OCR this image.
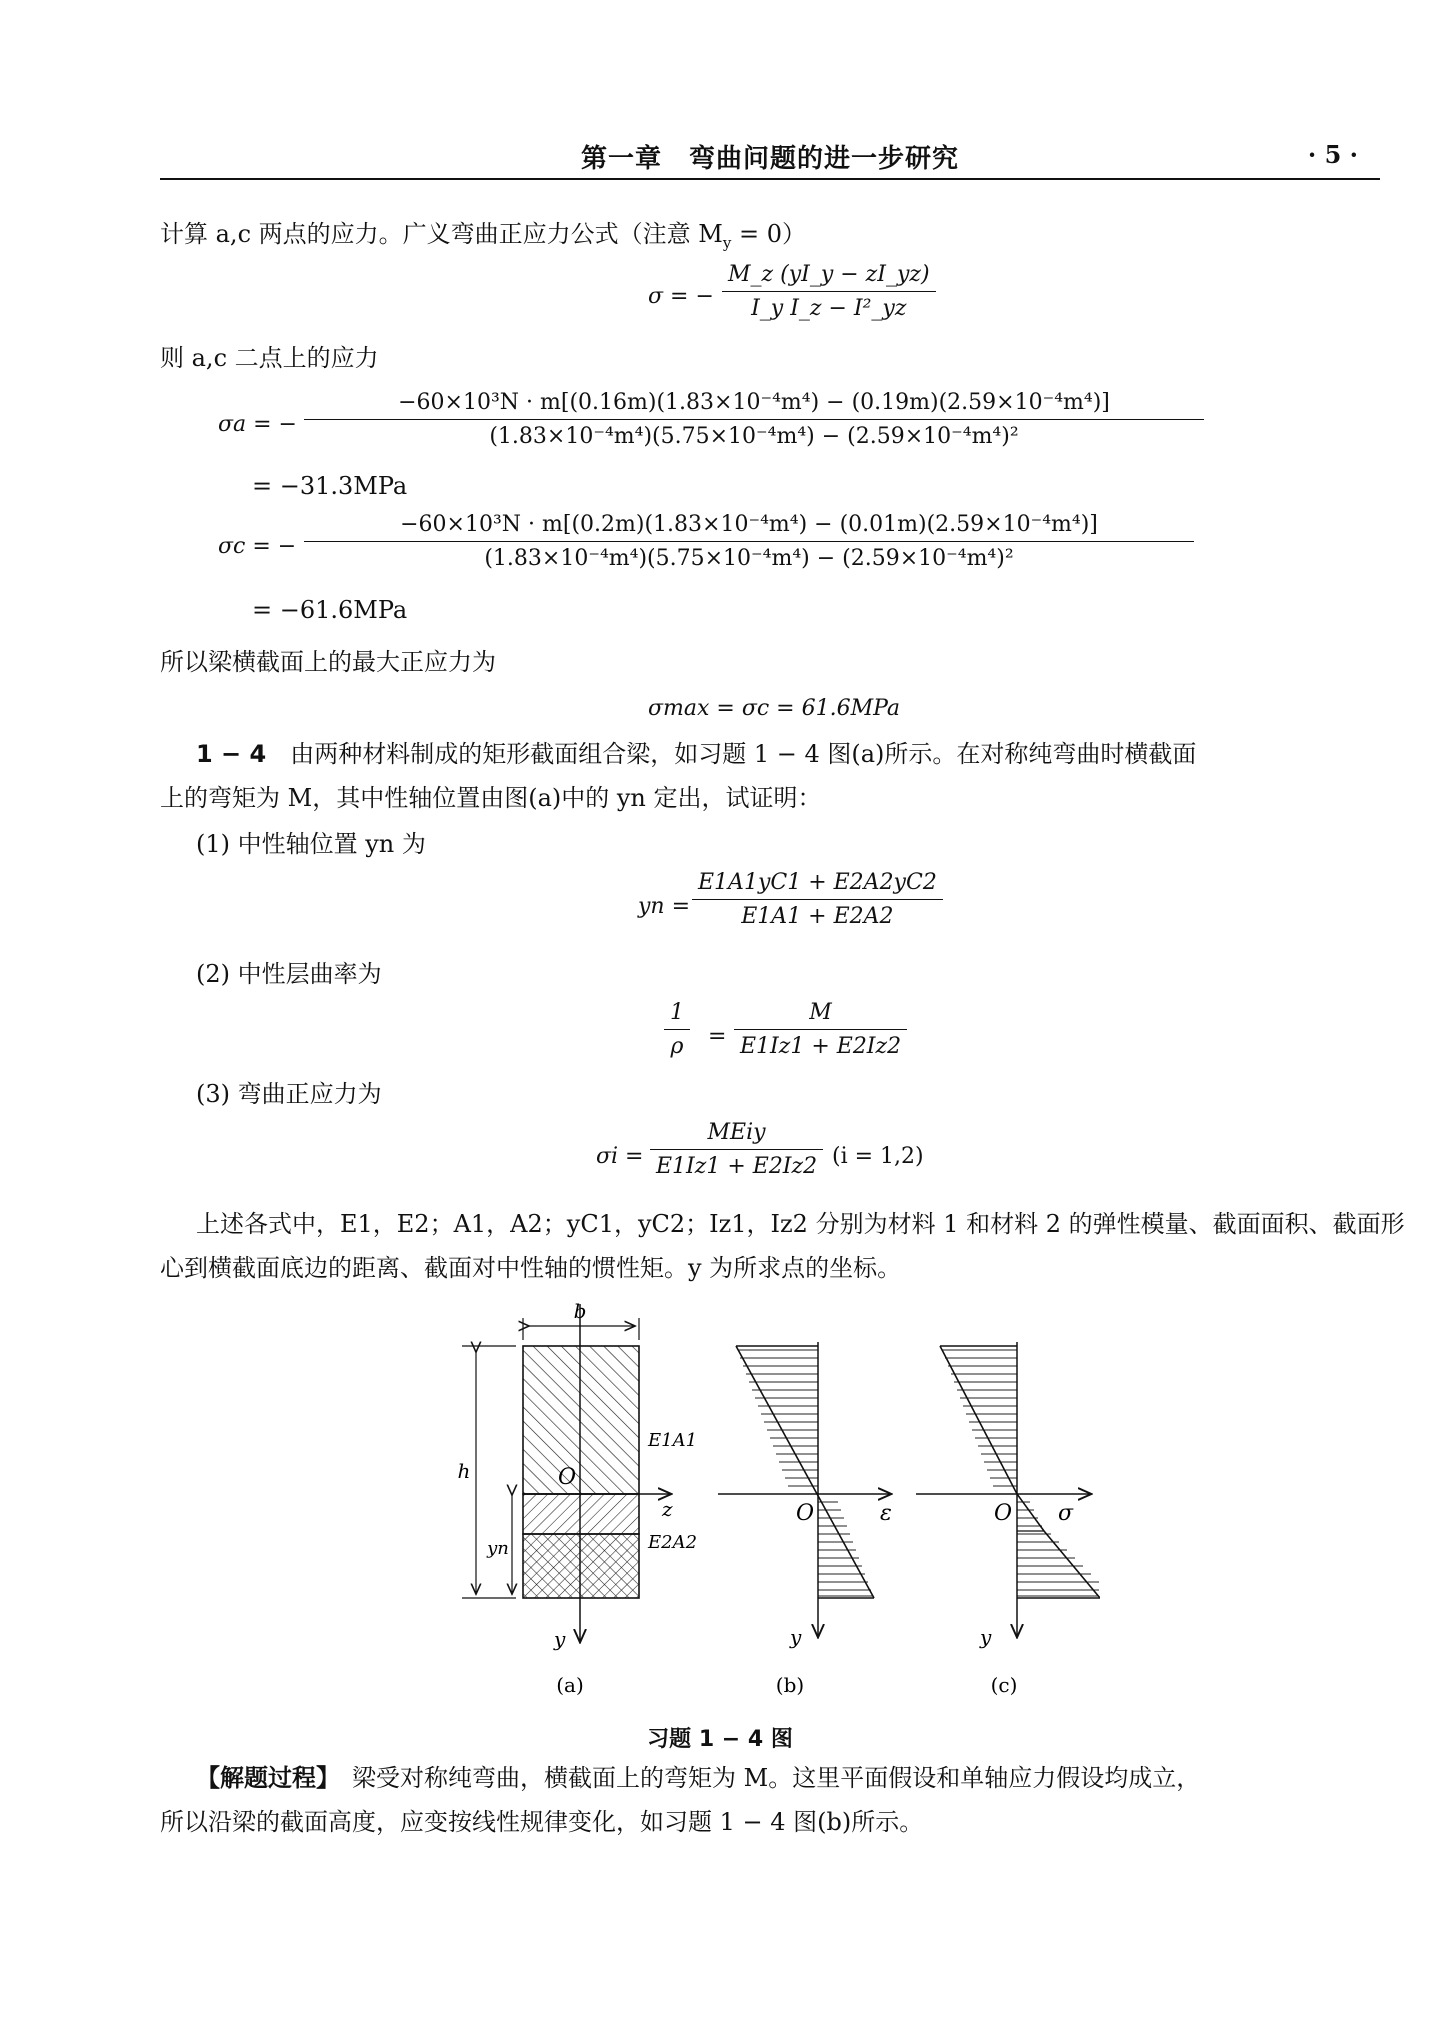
第一章　弯曲问题的进一步研究	· 5 ·
计算 a,c 两点的应力。广义弯曲正应力公式（注意 $M_y = 0$）
σ = − $\frac{M\_z (yI\_y - zI\_yz)}{\text{I\_y I\_z − I²\_yz}}$
则 a,c 二点上的应力
σa = − $\frac{\text{−60×10³N · m[(0.16m)(1.83×10⁻⁴m⁴) − (0.19m)(2.59×10⁻⁴m⁴)]}}{\text{(1.83×10⁻⁴m⁴)(5.75×10⁻⁴m⁴) − (2.59×10⁻⁴m⁴)²}}$
= −31.3MPa
σc = − $\frac{\text{−60×10³N · m[(0.2m)(1.83×10⁻⁴m⁴) − (0.01m)(2.59×10⁻⁴m⁴)]}}{\text{(1.83×10⁻⁴m⁴)(5.75×10⁻⁴m⁴) − (2.59×10⁻⁴m⁴)²}}$
= −61.6MPa
所以梁横截面上的最大正应力为
σmax = σc = 61.6MPa
1 − 4　 由两种材料制成的矩形截面组合梁，如习题 1 − 4 图(a)所示。在对称纯弯曲时横截面
上的弯矩为 M，其中性轴位置由图(a)中的 yn 定出，试证明：
(1) 中性轴位置 yn 为
yn = $\frac{E1A1yC1 + E2A2yC2}{E1A1 + E2A2}$
(2) 中性层曲率为
$\frac{1}{\rho} = \frac{M}{E1Iz1 + E2Iz2}$
(3) 弯曲正应力为
σi =
MEiy
E1Iz1 + E2Iz2 (i = 1,2)
上述各式中，E1，E2；A1，A2；yC1，yC2；Iz1，Iz2 分别为材料 1 和材料 2 的弹性模量、截面面积、截面形
心到横截面底边的距离、截面对中性轴的惯性矩。y 为所求点的坐标。
b
h
yn
O
z
y
E1A1
E2A2
(a)
O	ε
y
(b)
O σ
y
(c)
习题 1 − 4 图
【解题过程】　 梁受对称纯弯曲，横截面上的弯矩为 M。这里平面假设和单轴应力假设均成立，
所以沿梁的截面高度，应变按线性规律变化，如习题 1 − 4 图(b)所示。
